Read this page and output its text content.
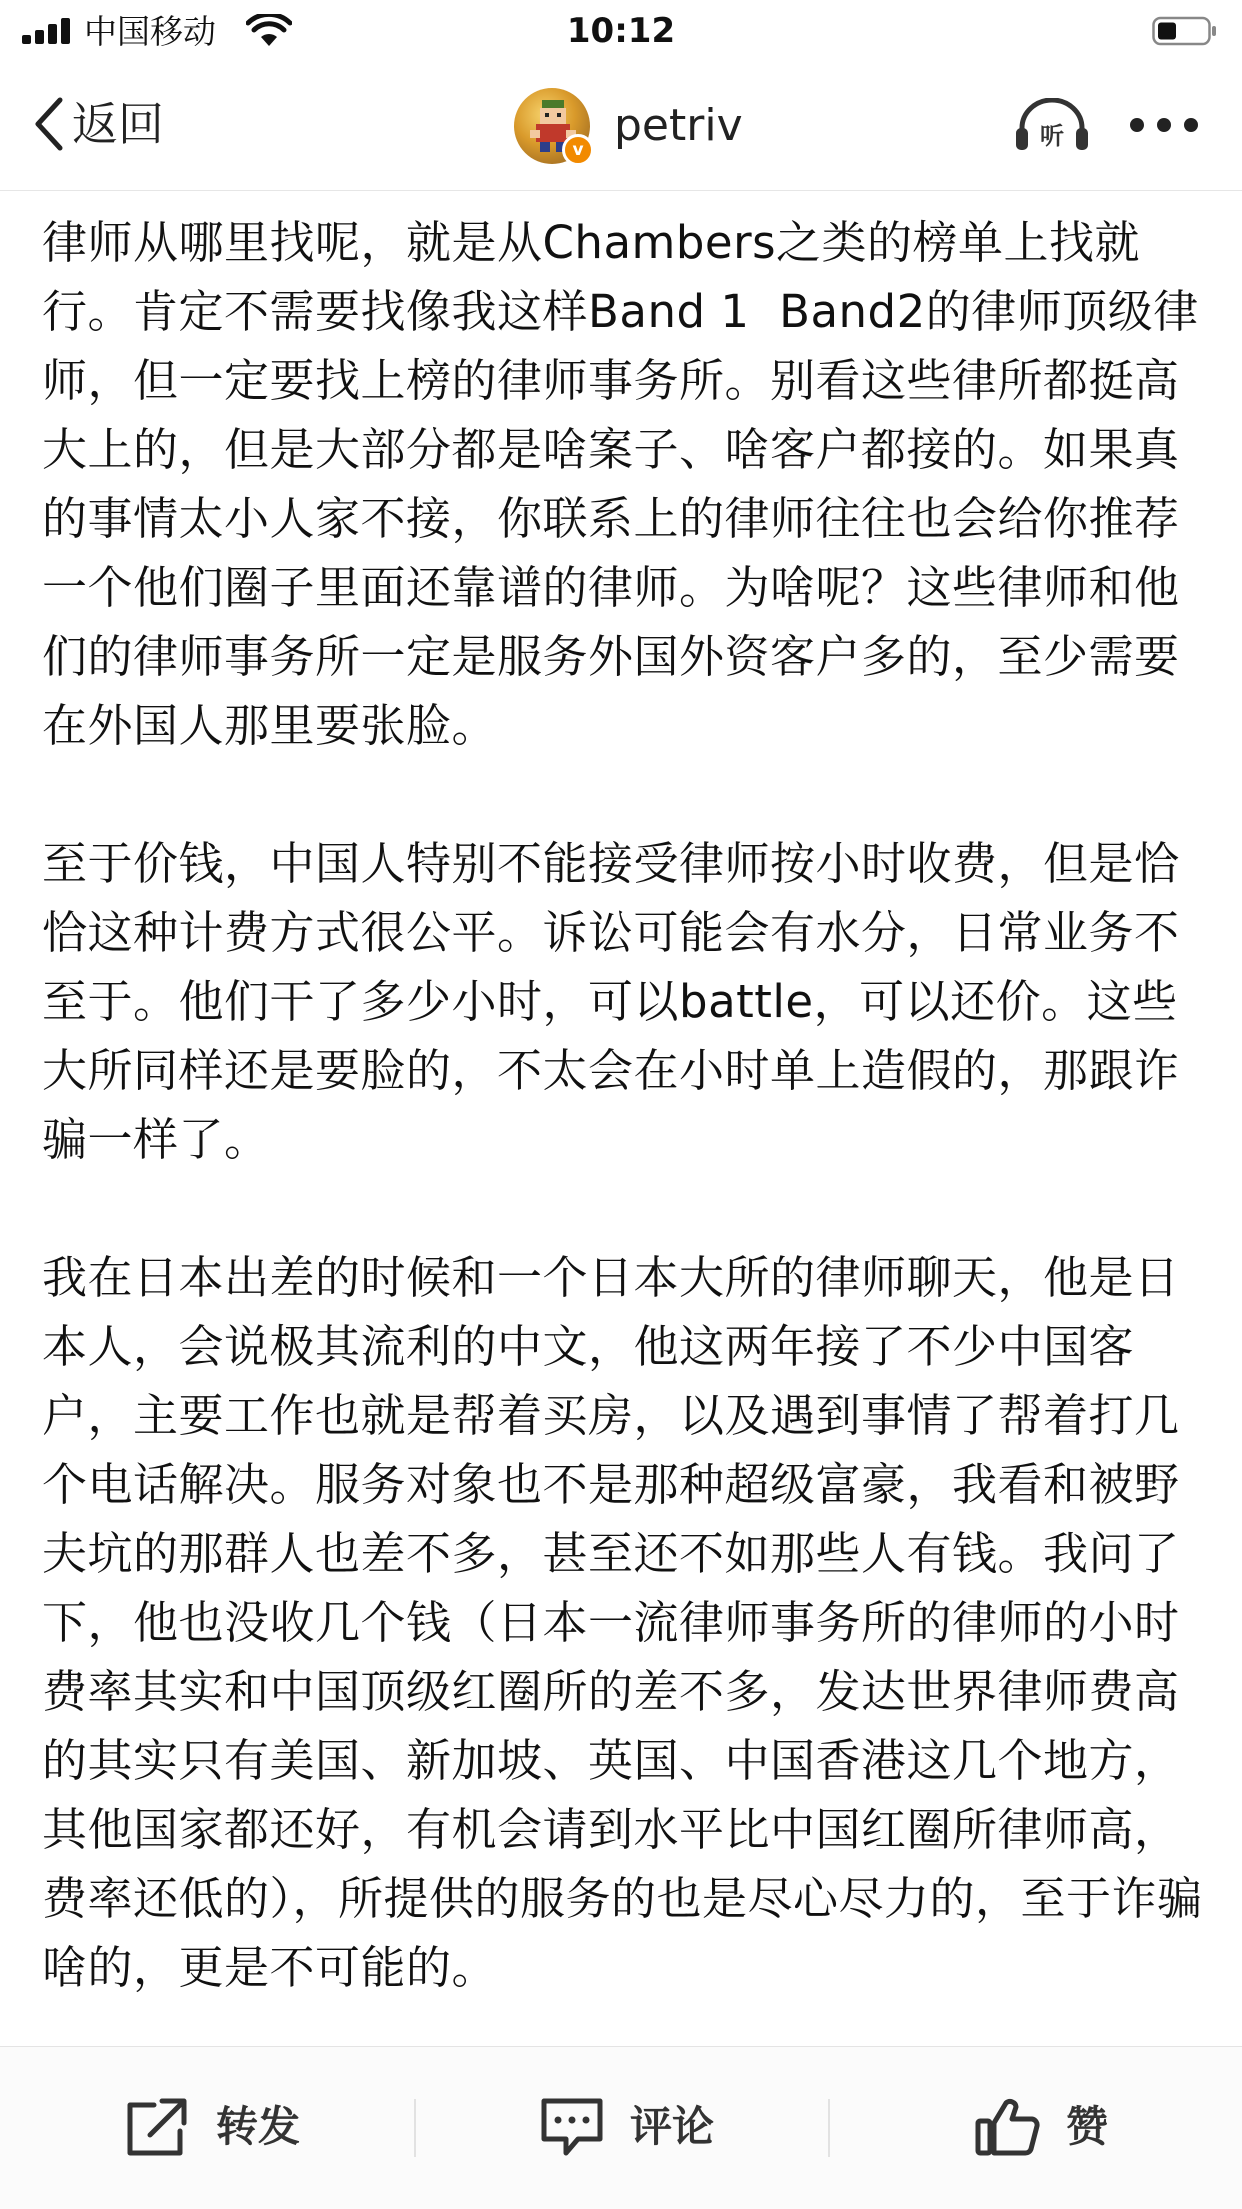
中国移动	10:12
返回	v petriv	听

律师从哪里找呢，就是从Chambers之类的榜单上找就行。肯定不需要找像我这样Band 1  Band2的律师顶级律师，但一定要找上榜的律师事务所。别看这些律所都挺高大上的，但是大部分都是啥案子、啥客户都接的。如果真的事情太小人家不接，你联系上的律师往往也会给你推荐一个他们圈子里面还靠谱的律师。为啥呢？这些律师和他们的律师事务所一定是服务外国外资客户多的，至少需要在外国人那里要张脸。

至于价钱，中国人特别不能接受律师按小时收费，但是恰恰这种计费方式很公平。诉讼可能会有水分，日常业务不至于。他们干了多少小时，可以battle，可以还价。这些大所同样还是要脸的，不太会在小时单上造假的，那跟诈骗一样了。

我在日本出差的时候和一个日本大所的律师聊天，他是日本人，会说极其流利的中文，他这两年接了不少中国客户，主要工作也就是帮着买房，以及遇到事情了帮着打几个电话解决。服务对象也不是那种超级富豪，我看和被野夫坑的那群人也差不多，甚至还不如那些人有钱。我问了下，他也没收几个钱（日本一流律师事务所的律师的小时费率其实和中国顶级红圈所的差不多，发达世界律师费高的其实只有美国、新加坡、英国、中国香港这几个地方，其他国家都还好，有机会请到水平比中国红圈所律师高，费率还低的），所提供的服务的也是尽心尽力的，至于诈骗啥的，更是不可能的。

转发	评论	赞
